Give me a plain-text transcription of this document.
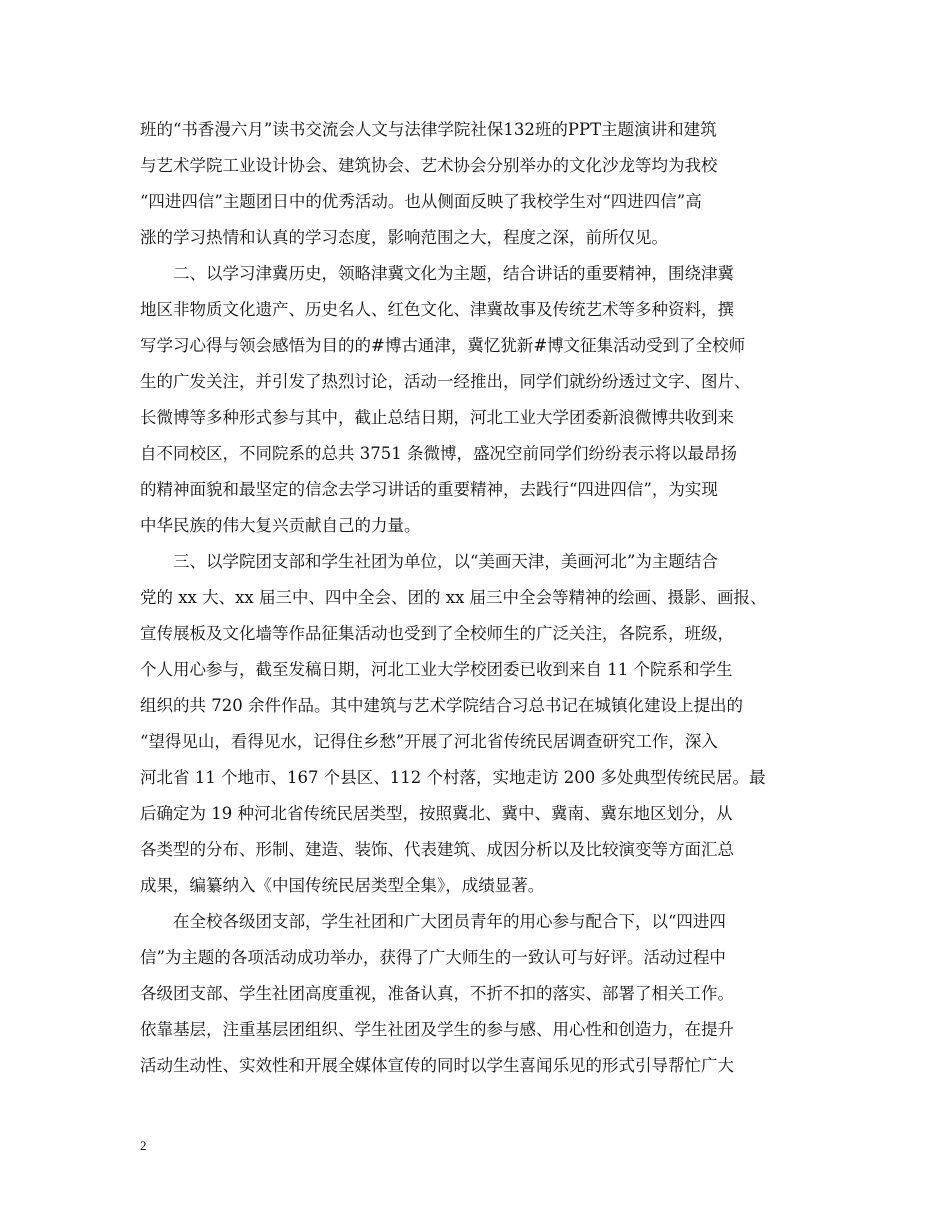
班的“书香漫六月”读书交流会人文与法律学院社保132班的PPT主题演讲和建筑
与艺术学院工业设计协会、建筑协会、艺术协会分别举办的文化沙龙等均为我校
“四进四信”主题团日中的优秀活动。也从侧面反映了我校学生对“四进四信”高
涨的学习热情和认真的学习态度，影响范围之大，程度之深，前所仅见。
二、以学习津冀历史，领略津冀文化为主题，结合讲话的重要精神，围绕津冀
地区非物质文化遗产、历史名人、红色文化、津冀故事及传统艺术等多种资料，撰
写学习心得与领会感悟为目的的#博古通津，冀忆犹新#博文征集活动受到了全校师
生的广发关注，并引发了热烈讨论，活动一经推出，同学们就纷纷透过文字、图片、
长微博等多种形式参与其中，截止总结日期，河北工业大学团委新浪微博共收到来
自不同校区，不同院系的总共 3751 条微博，盛况空前同学们纷纷表示将以最昂扬
的精神面貌和最坚定的信念去学习讲话的重要精神，去践行“四进四信”，为实现
中华民族的伟大复兴贡献自己的力量。
三、以学院团支部和学生社团为单位，以“美画天津，美画河北”为主题结合
党的 xx 大、xx 届三中、四中全会、团的 xx 届三中全会等精神的绘画、摄影、画报、
宣传展板及文化墙等作品征集活动也受到了全校师生的广泛关注，各院系，班级，
个人用心参与，截至发稿日期，河北工业大学校团委已收到来自 11 个院系和学生
组织的共 720 余件作品。其中建筑与艺术学院结合习总书记在城镇化建设上提出的
“望得见山，看得见水，记得住乡愁”开展了河北省传统民居调查研究工作，深入
河北省 11 个地市、167 个县区、112 个村落，实地走访 200 多处典型传统民居。最
后确定为 19 种河北省传统民居类型，按照冀北、冀中、冀南、冀东地区划分，从
各类型的分布、形制、建造、装饰、代表建筑、成因分析以及比较演变等方面汇总
成果，编纂纳入《中国传统民居类型全集》，成绩显著。
在全校各级团支部，学生社团和广大团员青年的用心参与配合下，以“四进四
信”为主题的各项活动成功举办，获得了广大师生的一致认可与好评。活动过程中
各级团支部、学生社团高度重视，准备认真，不折不扣的落实、部署了相关工作。
依靠基层，注重基层团组织、学生社团及学生的参与感、用心性和创造力，在提升
活动生动性、实效性和开展全媒体宣传的同时以学生喜闻乐见的形式引导帮忙广大
2
